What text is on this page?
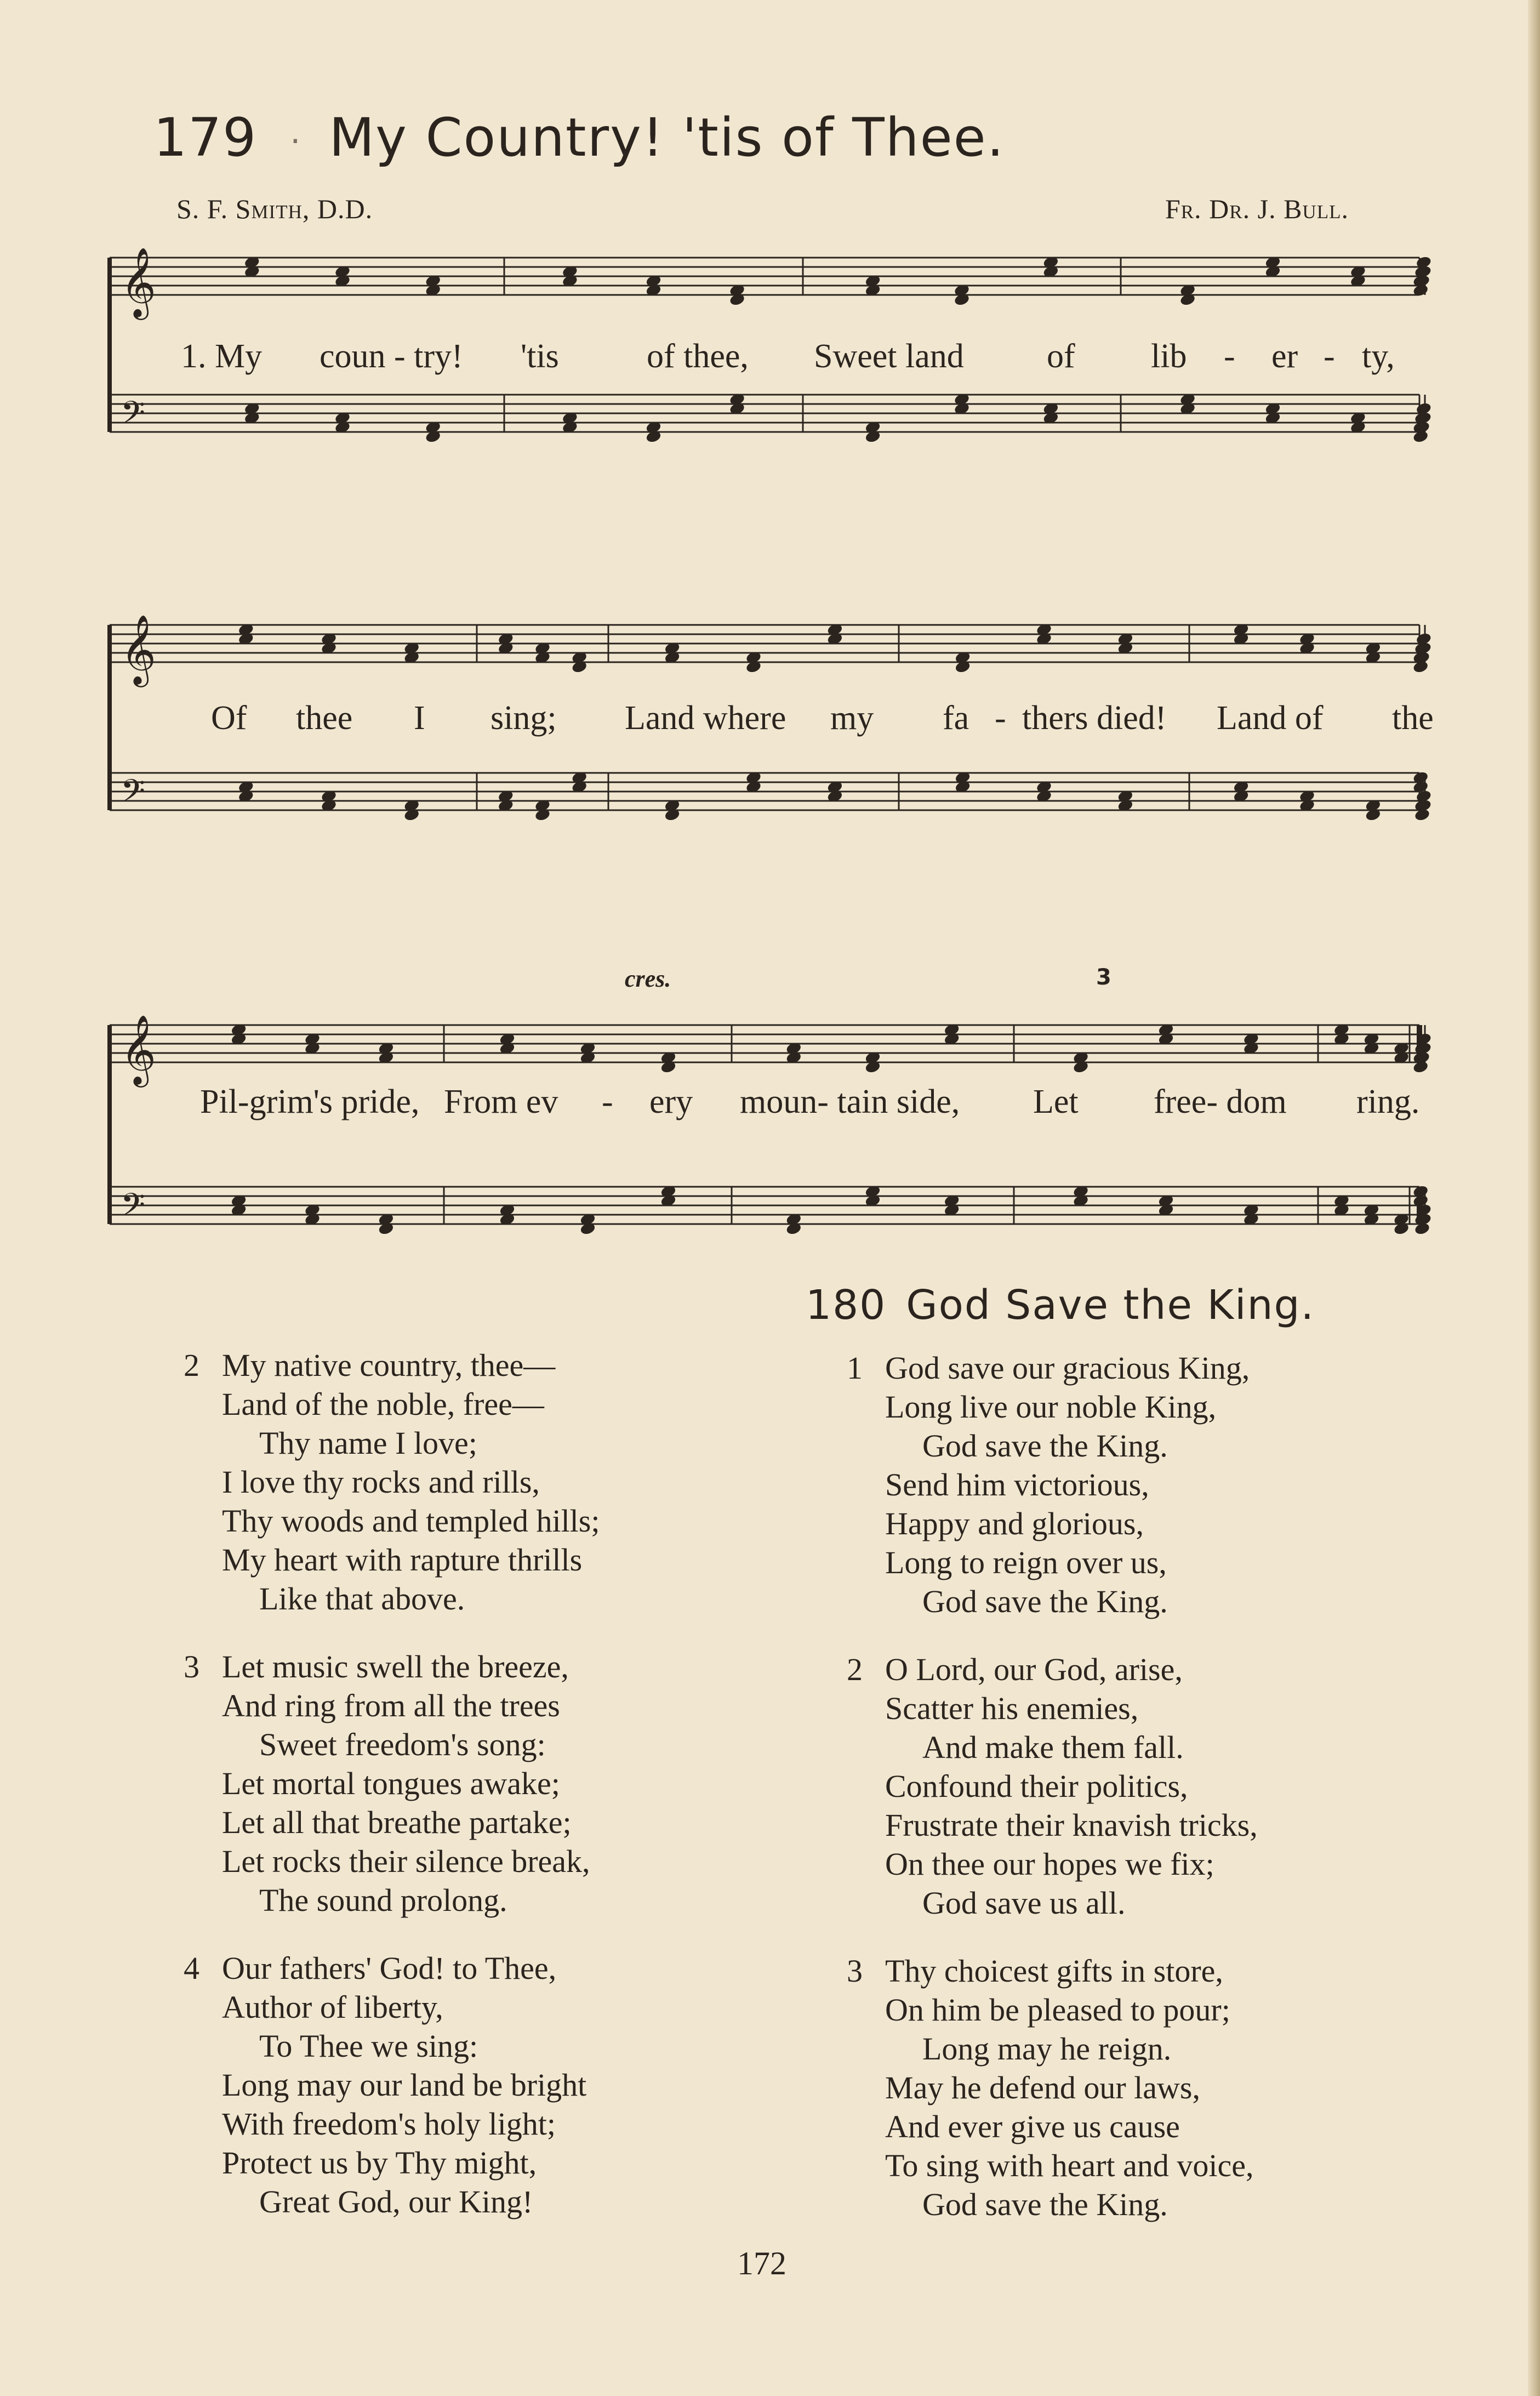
179 · My Country! 'tis of Thee.
S. F. Smith, D.D.	Fr. Dr. J. Bull.
𝄞
𝄢
1. My coun - try! 'tis	of thee, Sweet land of lib - er - ty,
𝄞
𝄢
Of thee I sing; Land where my fa - thers died! Land of the
𝄞
𝄢
cres.	3
Pil-grim's pride, From ev - ery moun- tain side, Let free- dom ring.
180 God Save the King.
2 My native country, thee—
Land of the noble, free—
Thy name I love;
I love thy rocks and rills,
Thy woods and templed hills;
My heart with rapture thrills
Like that above.
3 Let music swell the breeze,
And ring from all the trees
Sweet freedom's song:
Let mortal tongues awake;
Let all that breathe partake;
Let rocks their silence break,
The sound prolong.
4 Our fathers' God! to Thee,
Author of liberty,
To Thee we sing:
Long may our land be bright
With freedom's holy light;
Protect us by Thy might,
Great God, our King!
1 God save our gracious King,
Long live our noble King,
God save the King.
Send him victorious,
Happy and glorious,
Long to reign over us,
God save the King.
2 O Lord, our God, arise,
Scatter his enemies,
And make them fall.
Confound their politics,
Frustrate their knavish tricks,
On thee our hopes we fix;
God save us all.
3 Thy choicest gifts in store,
On him be pleased to pour;
Long may he reign.
May he defend our laws,
And ever give us cause
To sing with heart and voice,
God save the King.
172
